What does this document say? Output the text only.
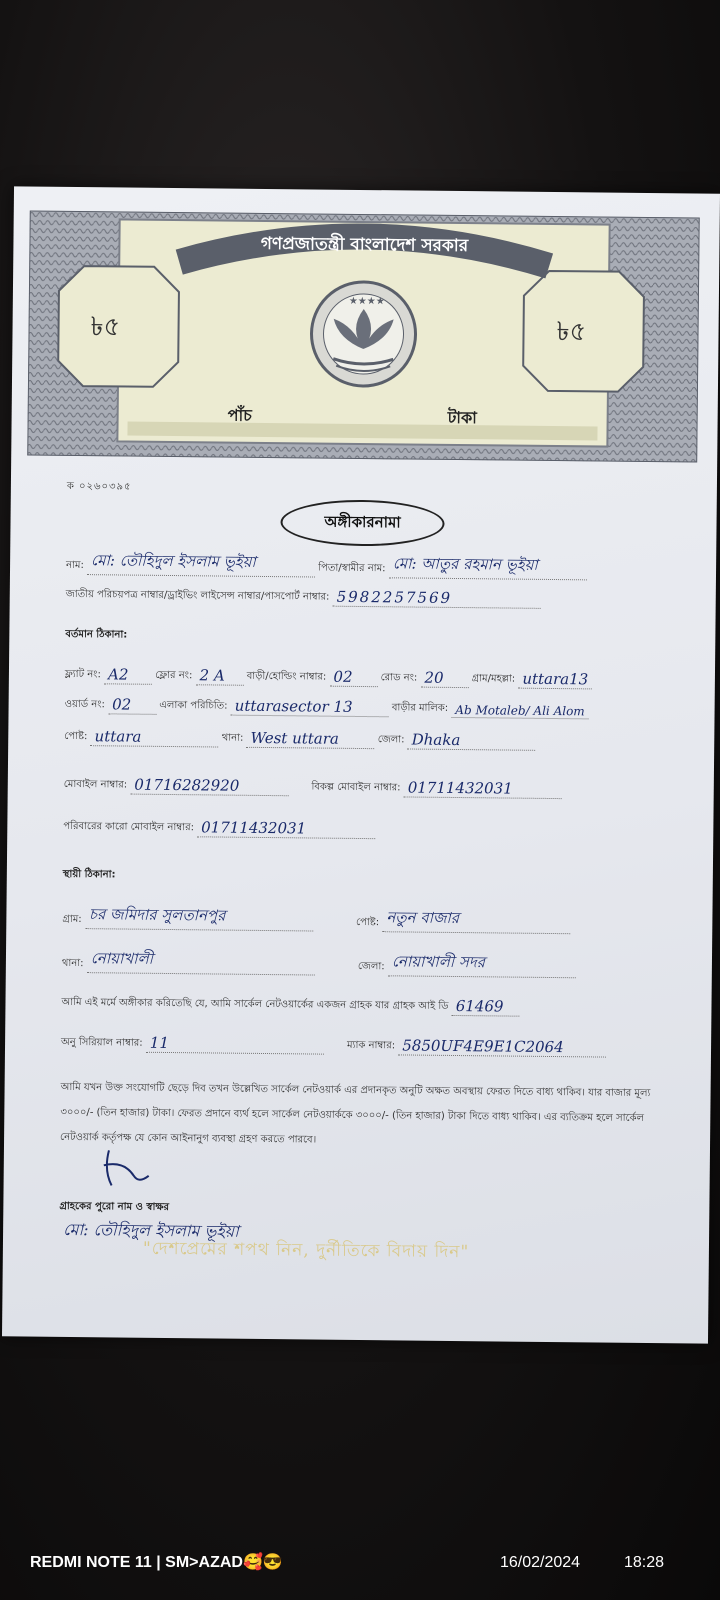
★★★★
গণপ্রজাতন্ত্রী বাংলাদেশ সরকার
৳৫	৳৫
পাঁচ	টাকা
ক ০২৬০৩৯৫
অঙ্গীকারনামা
নাম: মো: তৌহিদুল ইসলাম ভূইয়া	পিতা/স্বামীর নাম: মো: আতুর রহমান ভূইয়া
জাতীয় পরিচয়পত্র নাম্বার/ড্রাইভিং লাইসেন্স নাম্বার/পাসপোর্ট নাম্বার: 5982257569
বর্তমান ঠিকানা:
ফ্ল্যাট নং: A2	ফ্লোর নং: 2 A বাড়ী/হোল্ডিং নাম্বার: 02	রোড নং: 20	গ্রাম/মহল্লা: uttara13
ওয়ার্ড নং: 02	এলাকা পরিচিতি: uttarasector 13	বাড়ীর মালিক: Ab Motaleb/ Ali Alom
পোষ্ট: uttara	থানা: West uttara	জেলা: Dhaka
মোবাইল নাম্বার: 01716282920	বিকল্প মোবাইল নাম্বার: 01711432031
পরিবারের কারো মোবাইল নাম্বার: 01711432031
স্থায়ী ঠিকানা:
গ্রাম: চর জমিদার সুলতানপুর	পোষ্ট: নতুন বাজার
থানা: নোয়াখালী	জেলা: নোয়াখালী সদর
আমি এই মর্মে অঙ্গীকার করিতেছি যে, আমি সার্কেল নেটওয়ার্কের একজন গ্রাহক যার গ্রাহক আই ডি 61469
অনু সিরিয়াল নাম্বার: 11	ম্যাক নাম্বার: 5850UF4E9E1C2064
আমি যখন উক্ত সংযোগটি ছেড়ে দিব তখন উল্লেখিত সার্কেল নেটওয়ার্ক এর প্রদানকৃত অনুটি অক্ষত অবস্থায় ফেরত দিতে বাধ্য থাকিব। যার বাজার মূল্য ৩০০০/- (তিন হাজার) টাকা। ফেরত প্রদানে ব্যর্থ হলে সার্কেল নেটওয়ার্ককে ৩০০০/- (তিন হাজার) টাকা দিতে বাধ্য থাকিব। এর ব্যতিক্রম হলে সার্কেল নেটওয়ার্ক কর্তৃপক্ষ যে কোন আইনানুগ ব্যবস্থা গ্রহণ করতে পারবে।
গ্রাহকের পুরো নাম ও স্বাক্ষর
মো: তৌহিদুল ইসলাম ভূইয়া
"দেশপ্রেমের শপথ নিন, দুর্নীতিকে বিদায় দিন"
REDMI NOTE 11 | SM>AZAD🥰😎	16/02/2024	18:28
